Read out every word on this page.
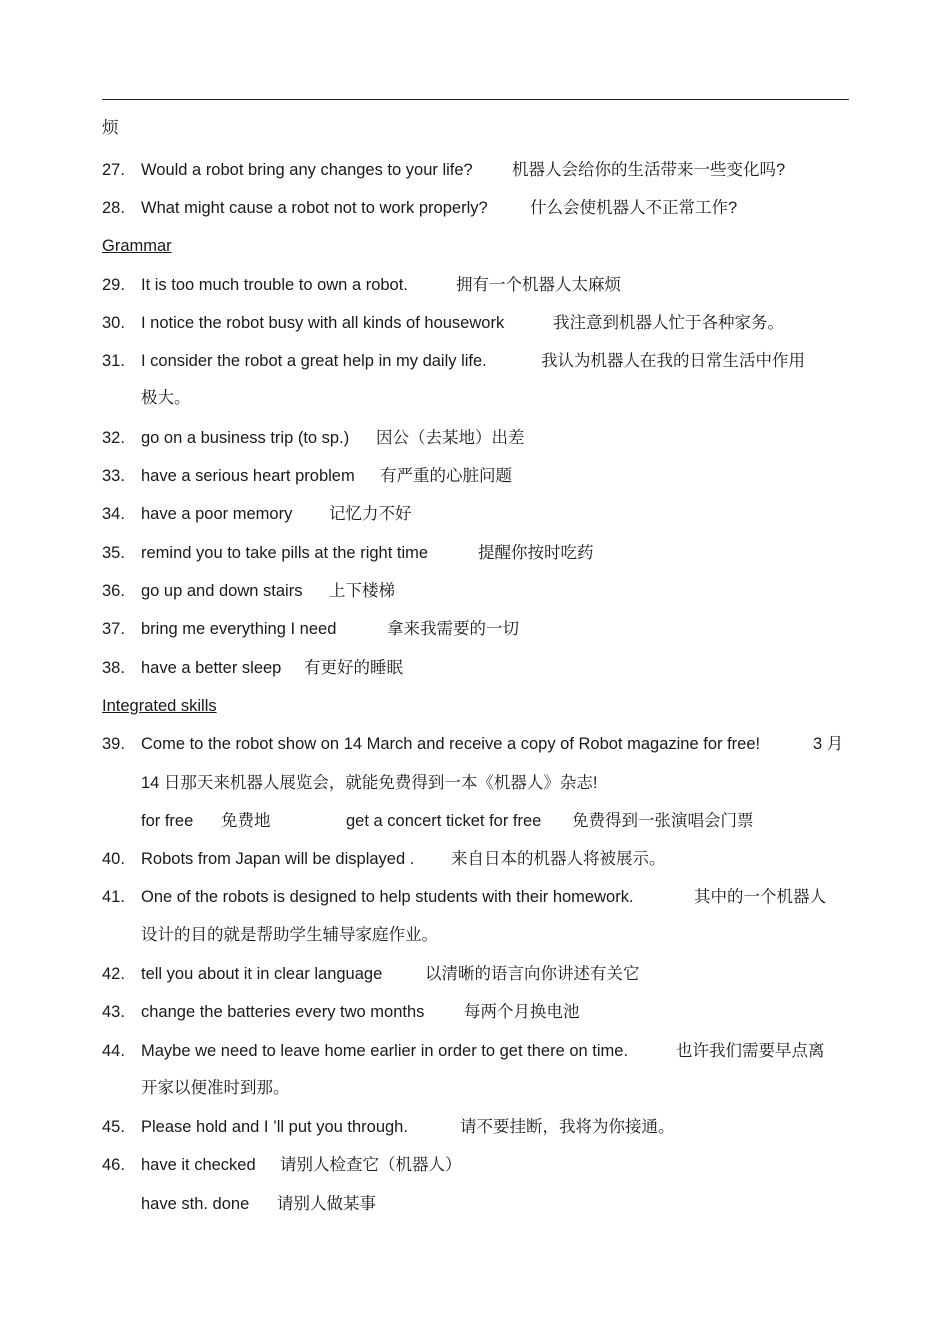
烦
27. Would a robot bring any changes to your life? 机器人会给你的生活带来一些变化吗?
28. What might cause a robot not to work properly?	什么会使机器人不正常工作?
Grammar
29. It is too much trouble to own a robot.	拥有一个机器人太麻烦
30. I notice the robot busy with all kinds of housework	我注意到机器人忙于各种家务。
31. I consider the robot a great help in my daily life.	我认为机器人在我的日常生活中作用
极大。
32. go on a business trip (to sp.) 因公（去某地）出差
33. have a serious heart problem 有严重的心脏问题
34. have a poor memory 记忆力不好
35. remind you to take pills at the right time	提醒你按时吃药
36. go up and down stairs 上下楼梯
37. bring me everything I need	拿来我需要的一切
38. have a better sleep 有更好的睡眠
Integrated skills
39. Come to the robot show on 14 March and receive a copy of Robot magazine for free!	3 月
14 日那天来机器人展览会，就能免费得到一本《机器人》杂志!
for free 免费地	get a concert ticket for free 免费得到一张演唱会门票
40. Robots from Japan will be displayed . 来自日本的机器人将被展示。
41. One of the robots is designed to help students with their homework.	其中的一个机器人
设计的目的就是帮助学生辅导家庭作业。
42. tell you about it in clear language	以清晰的语言向你讲述有关它
43. change the batteries every two months 每两个月换电池
44. Maybe we need to leave home earlier in order to get there on time.	也许我们需要早点离
开家以便准时到那。
45. Please hold and I ’ll put you through.	请不要挂断，我将为你接通。
46. have it checked 请别人检查它（机器人）
have sth. done 请别人做某事
